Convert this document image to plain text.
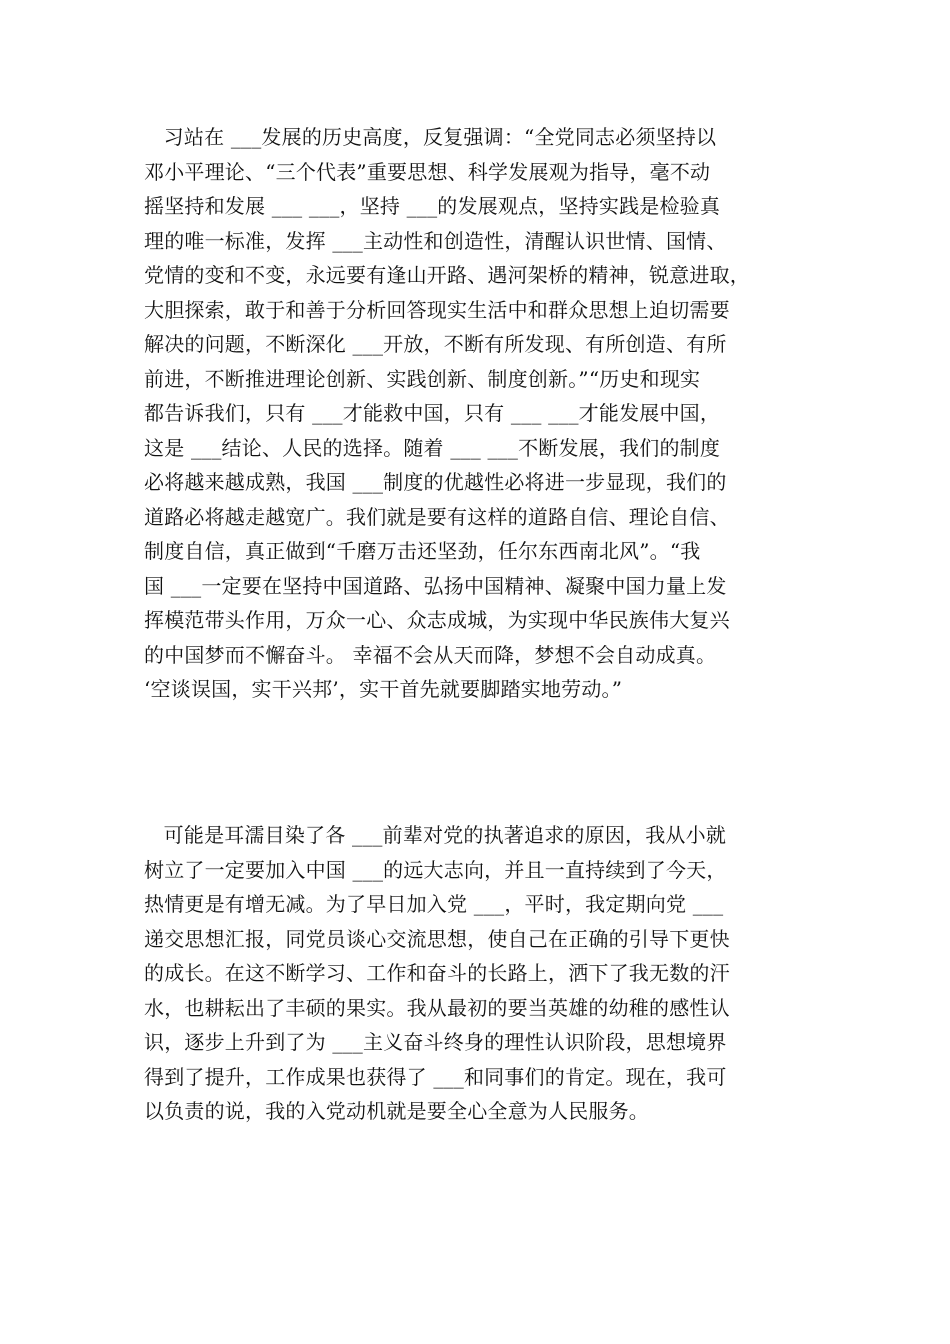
习站在 ___发展的历史高度，反复强调：“全党同志必须坚持以
邓小平理论、“三个代表”重要思想、科学发展观为指导，毫不动
摇坚持和发展 ___ ___，坚持 ___的发展观点，坚持实践是检验真
理的唯一标准，发挥 ___主动性和创造性，清醒认识世情、国情、
党情的变和不变，永远要有逢山开路、遇河架桥的精神，锐意进取，
大胆探索，敢于和善于分析回答现实生活中和群众思想上迫切需要
解决的问题，不断深化 ___开放，不断有所发现、有所创造、有所
前进，不断推进理论创新、实践创新、制度创新。”“历史和现实
都告诉我们，只有 ___才能救中国，只有 ___ ___才能发展中国，
这是 ___结论、人民的选择。随着 ___ ___不断发展，我们的制度
必将越来越成熟，我国 ___制度的优越性必将进一步显现，我们的
道路必将越走越宽广。我们就是要有这样的道路自信、理论自信、
制度自信，真正做到“千磨万击还坚劲，任尔东西南北风”。“我
国 ___一定要在坚持中国道路、弘扬中国精神、凝聚中国力量上发
挥模范带头作用，万众一心、众志成城，为实现中华民族伟大复兴
的中国梦而不懈奋斗。 幸福不会从天而降，梦想不会自动成真。
‘空谈误国，实干兴邦’，实干首先就要脚踏实地劳动。”
可能是耳濡目染了各 ___前辈对党的执著追求的原因，我从小就
树立了一定要加入中国 ___的远大志向，并且一直持续到了今天，
热情更是有增无减。为了早日加入党 ___，平时，我定期向党 ___
递交思想汇报，同党员谈心交流思想，使自己在正确的引导下更快
的成长。在这不断学习、工作和奋斗的长路上，洒下了我无数的汗
水，也耕耘出了丰硕的果实。我从最初的要当英雄的幼稚的感性认
识，逐步上升到了为 ___主义奋斗终身的理性认识阶段，思想境界
得到了提升，工作成果也获得了 ___和同事们的肯定。现在，我可
以负责的说，我的入党动机就是要全心全意为人民服务。
